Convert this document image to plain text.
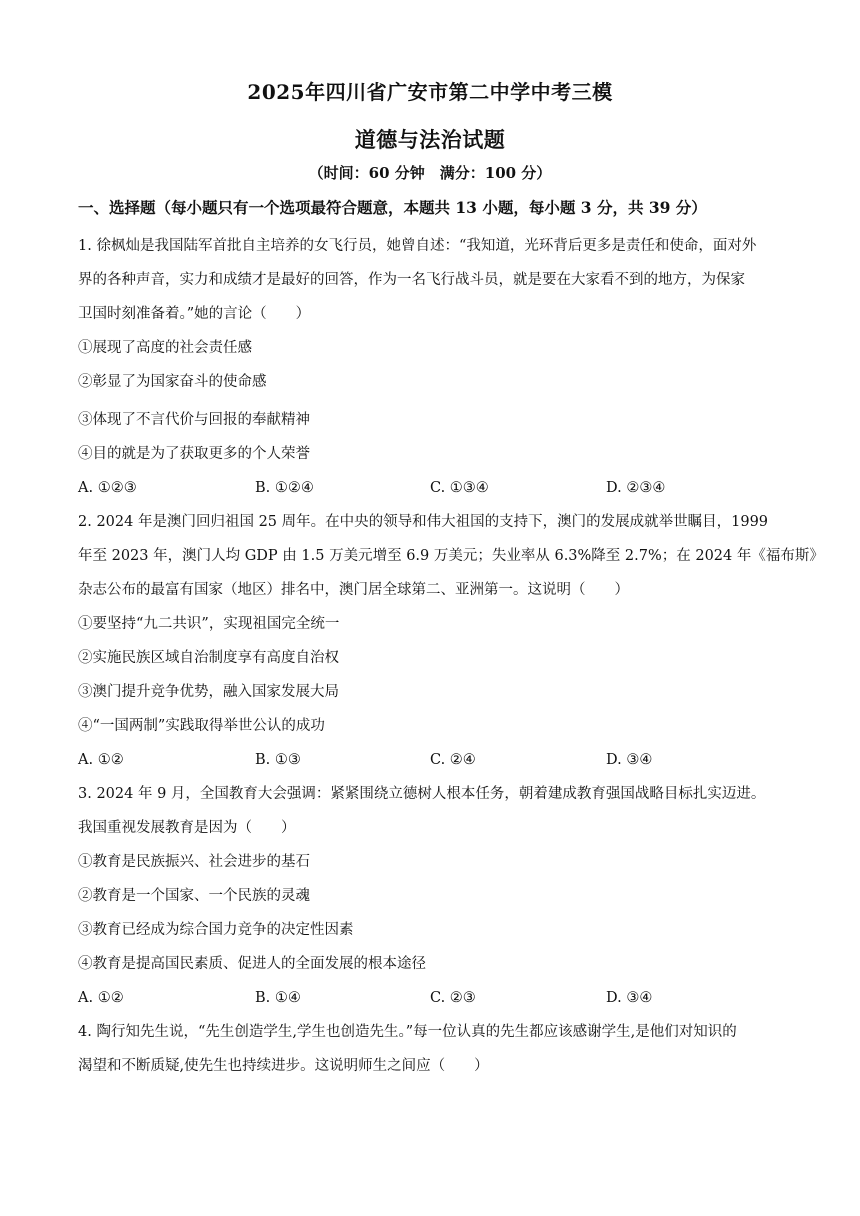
2025年四川省广安市第二中学中考三模
道德与法治试题
（时间：60 分钟　满分：100 分）
一、选择题（每小题只有一个选项最符合题意，本题共 13 小题，每小题 3 分，共 39 分）
1. 徐枫灿是我国陆军首批自主培养的女飞行员，她曾自述：“我知道，光环背后更多是责任和使命，面对外
界的各种声音，实力和成绩才是最好的回答，作为一名飞行战斗员，就是要在大家看不到的地方，为保家
卫国时刻准备着。”她的言论（　　）
①展现了高度的社会责任感
②彰显了为国家奋斗的使命感
③体现了不言代价与回报的奉献精神
④目的就是为了获取更多的个人荣誉
A. ①②③	B. ①②④	C. ①③④	D. ②③④
2. 2024 年是澳门回归祖国 25 周年。在中央的领导和伟大祖国的支持下，澳门的发展成就举世瞩目，1999
年至 2023 年，澳门人均 GDP 由 1.5 万美元增至 6.9 万美元；失业率从 6.3%降至 2.7%；在 2024 年《福布斯》
杂志公布的最富有国家（地区）排名中，澳门居全球第二、亚洲第一。这说明（　　）
①要坚持“九二共识”，实现祖国完全统一
②实施民族区域自治制度享有高度自治权
③澳门提升竞争优势，融入国家发展大局
④“一国两制”实践取得举世公认的成功
A. ①②	B. ①③	C. ②④	D. ③④
3. 2024 年 9 月，全国教育大会强调：紧紧围绕立德树人根本任务，朝着建成教育强国战略目标扎实迈进。
我国重视发展教育是因为（　　）
①教育是民族振兴、社会进步的基石
②教育是一个国家、一个民族的灵魂
③教育已经成为综合国力竞争的决定性因素
④教育是提高国民素质、促进人的全面发展的根本途径
A. ①②	B. ①④	C. ②③	D. ③④
4. 陶行知先生说，“先生创造学生,学生也创造先生。”每一位认真的先生都应该感谢学生,是他们对知识的
渴望和不断质疑,使先生也持续进步。这说明师生之间应（　　）
